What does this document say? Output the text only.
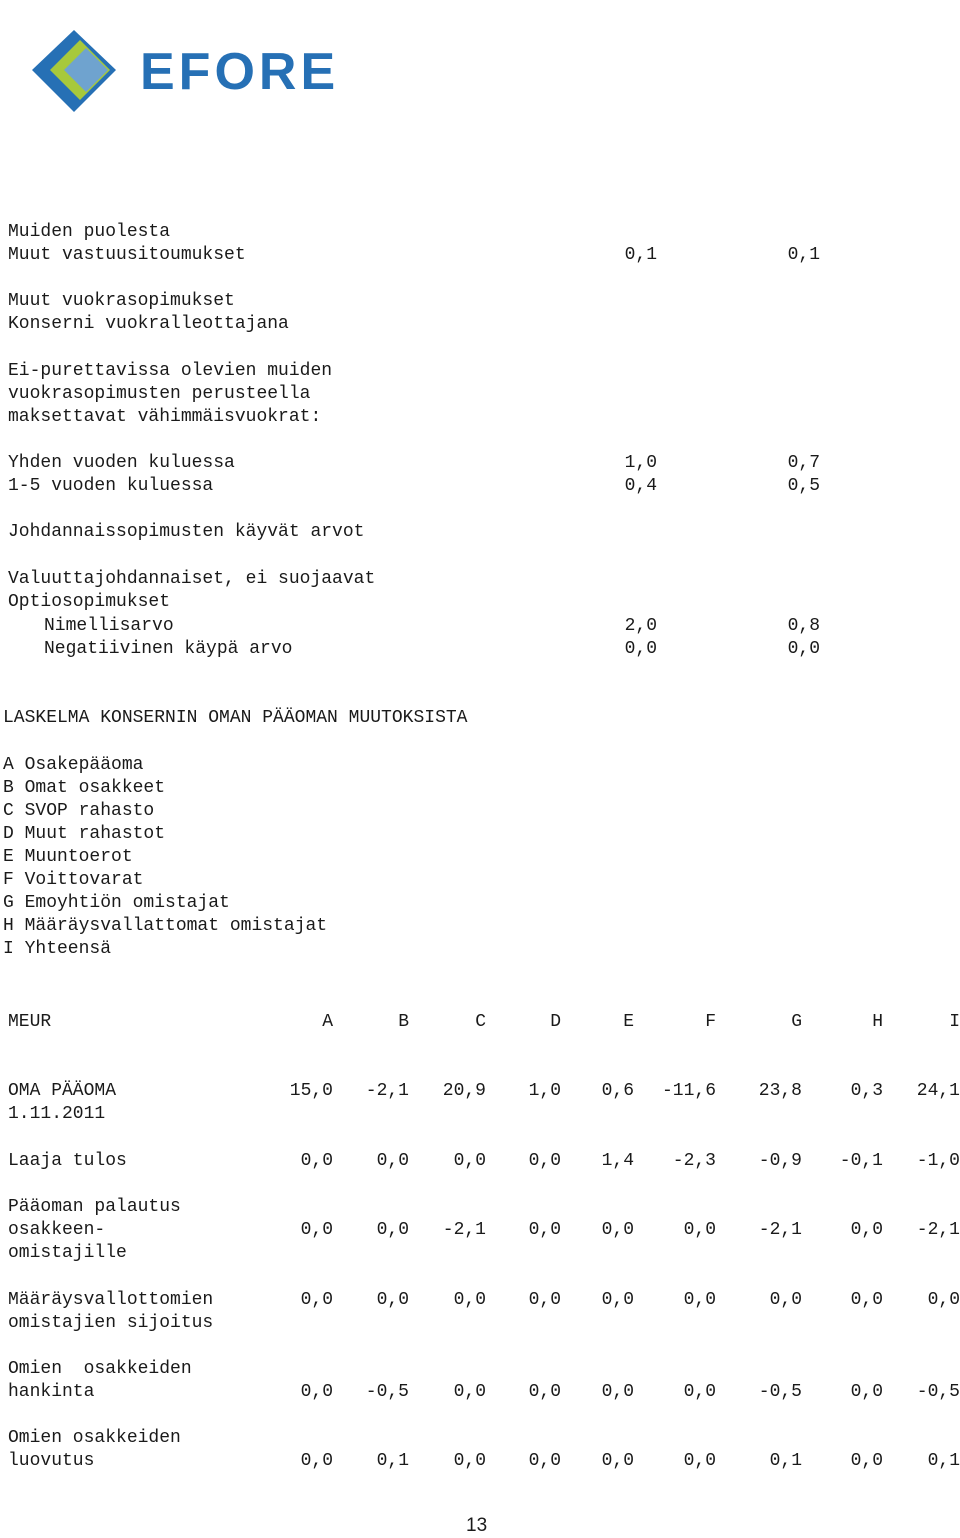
EFORE
Muiden puolesta
Muut vastuusitoumukset	0,1	0,1
Muut vuokrasopimukset
Konserni vuokralleottajana
Ei-purettavissa olevien muiden
vuokrasopimusten perusteella
maksettavat vähimmäisvuokrat:
Yhden vuoden kuluessa	1,0	0,7
1-5 vuoden kuluessa	0,4	0,5
Johdannaissopimusten käyvät arvot
Valuuttajohdannaiset, ei suojaavat
Optiosopimukset
Nimellisarvo	2,0	0,8
Negatiivinen käypä arvo	0,0	0,0
LASKELMA KONSERNIN OMAN PÄÄOMAN MUUTOKSISTA
A Osakepääoma
B Omat osakkeet
C SVOP rahasto
D Muut rahastot
E Muuntoerot
F Voittovarat
G Emoyhtiön omistajat
H Määräysvallattomat omistajat
I Yhteensä
MEUR	A	B	C	D	E	F	G	H	I
OMA PÄÄOMA
1.11.2011
15,0	-2,1	20,9	1,0	0,6	-11,6	23,8	0,3	24,1
Laaja tulos	0,0	0,0	0,0	0,0	1,4	-2,3	-0,9	-0,1	-1,0
Pääoman palautus
osakkeen-
omistajille
0,0	0,0	-2,1	0,0	0,0	0,0	-2,1	0,0	-2,1
Määräysvallottomien
omistajien sijoitus
0,0	0,0	0,0	0,0	0,0	0,0	0,0	0,0	0,0
Omien  osakkeiden
hankinta	0,0	-0,5	0,0	0,0	0,0	0,0	-0,5	0,0	-0,5
Omien osakkeiden
luovutus	0,0	0,1	0,0	0,0	0,0	0,0	0,1	0,0	0,1
13
